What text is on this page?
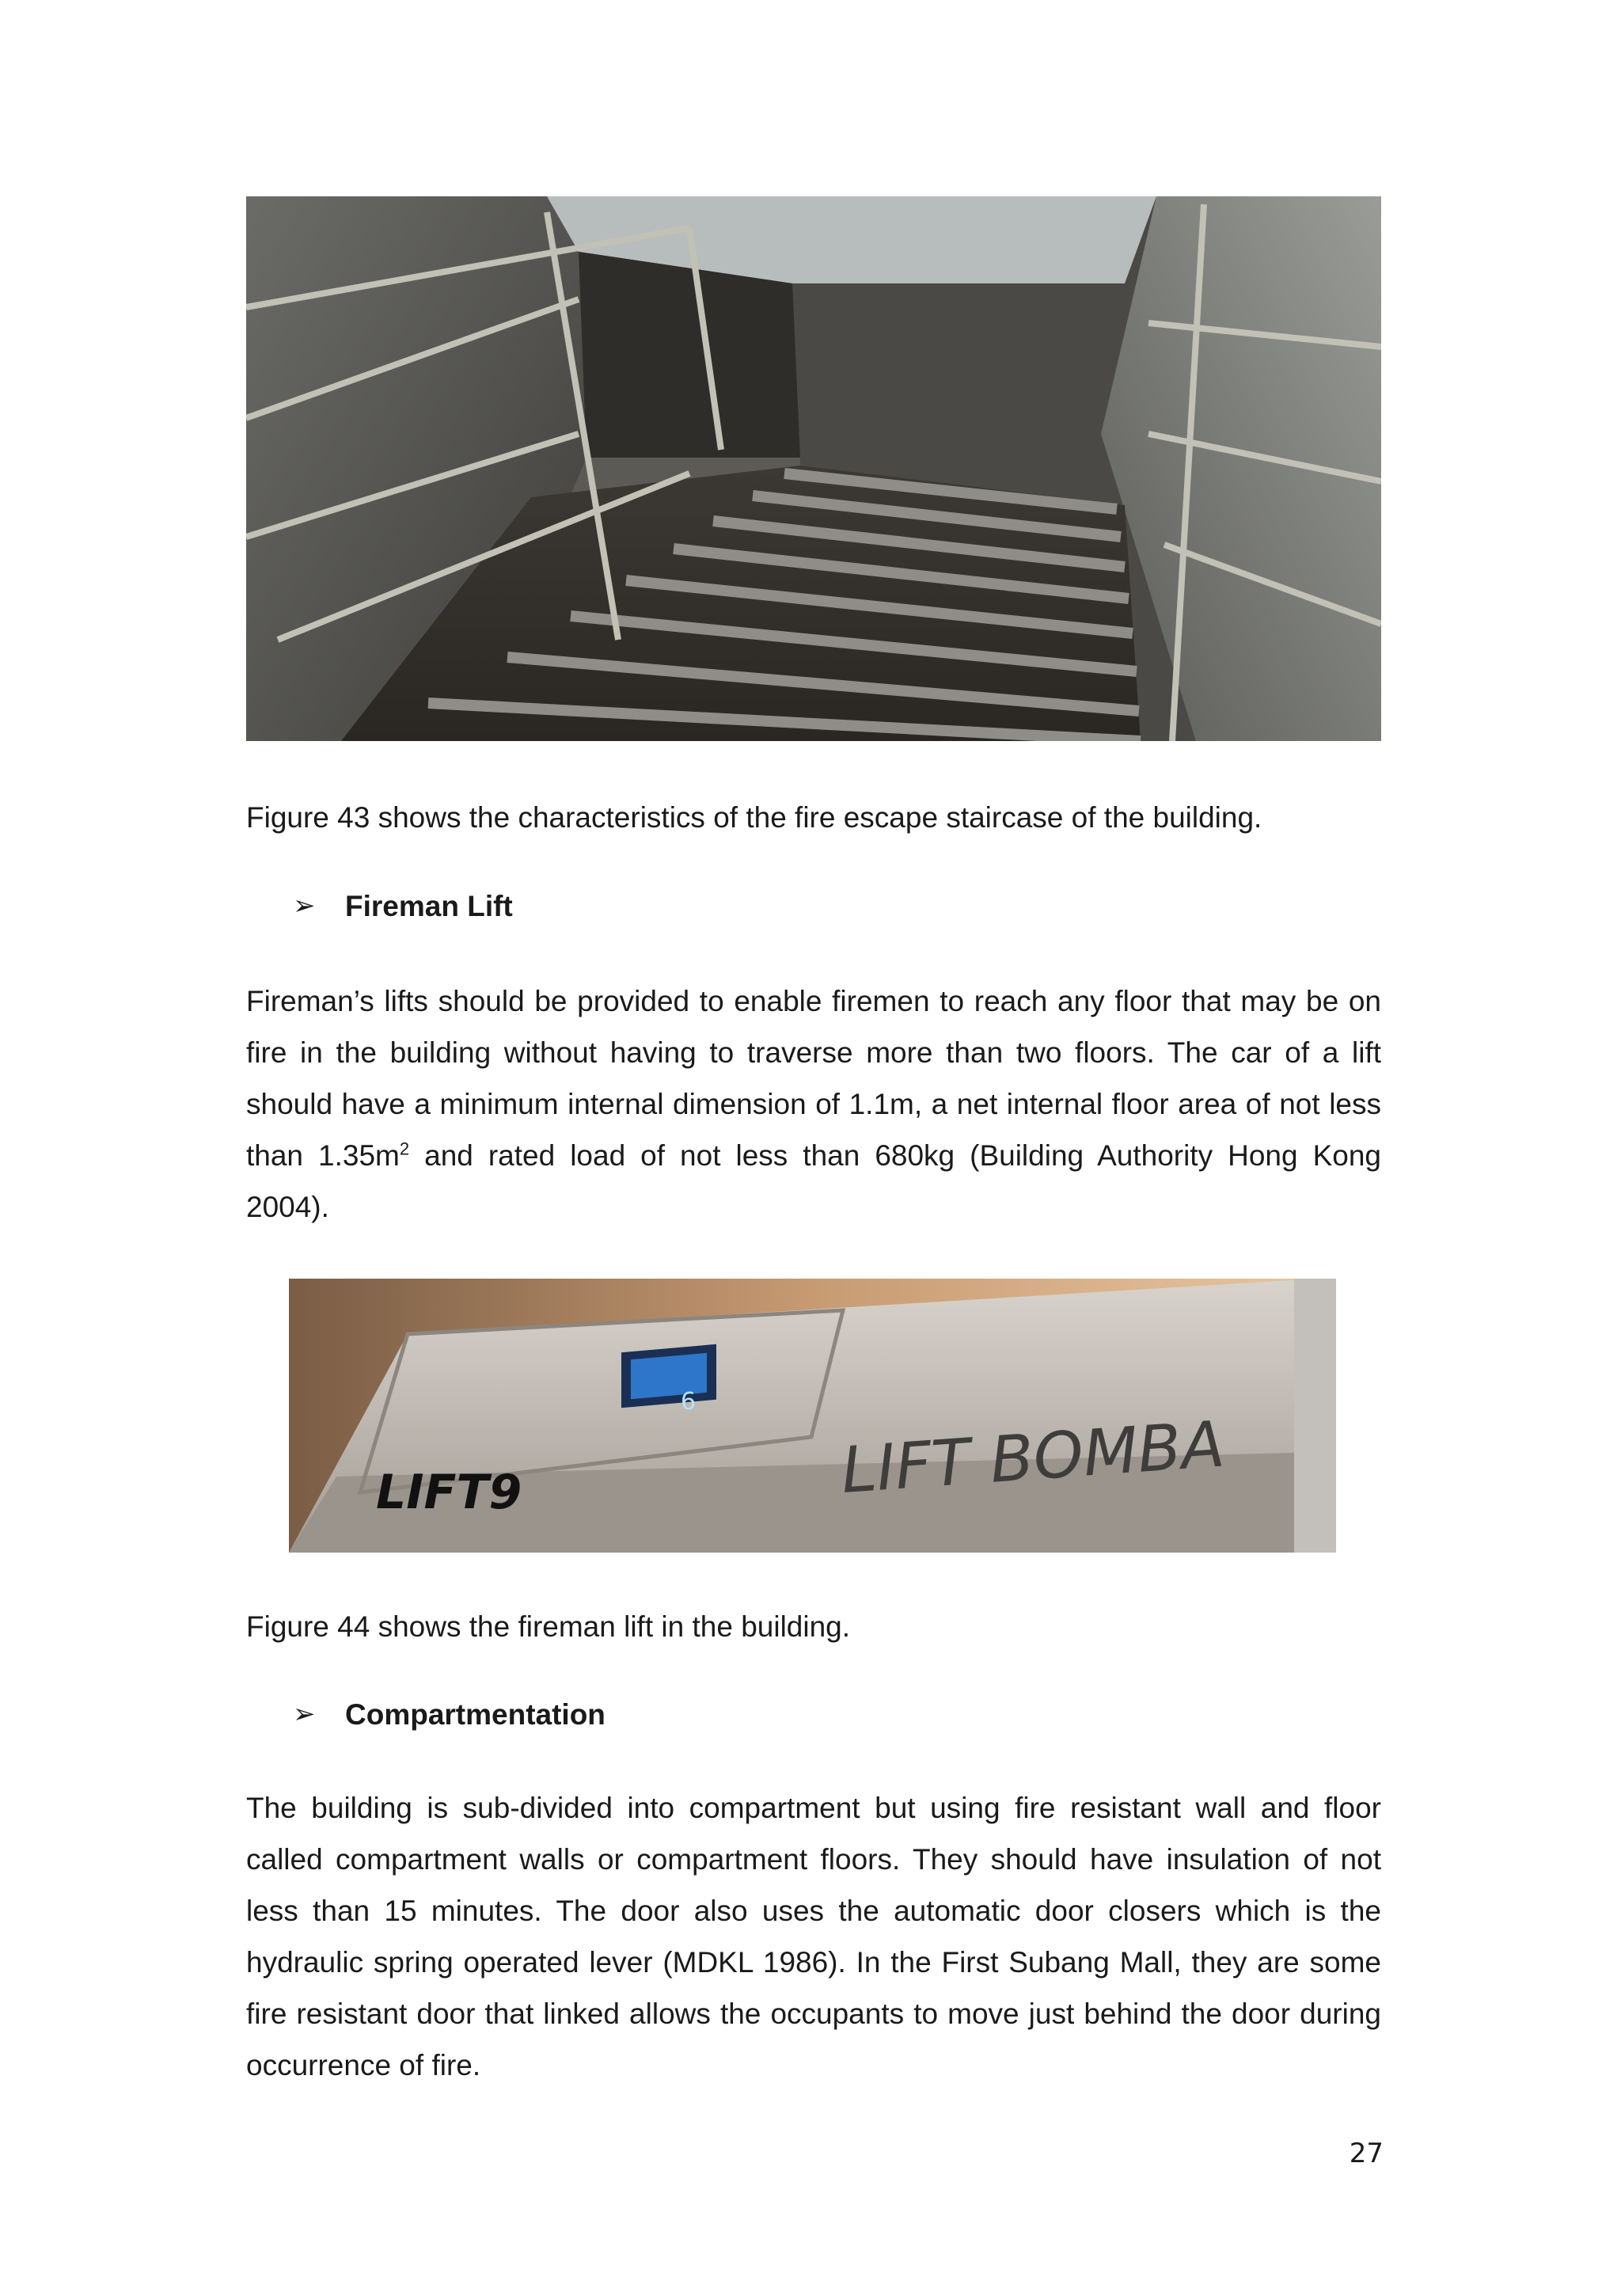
Figure 43 shows the characteristics of the fire escape staircase of the building.

➢	Fireman Lift

Fireman’s lifts should be provided to enable firemen to reach any floor that may be on fire in the building without having to traverse more than two floors. The car of a lift should have a minimum internal dimension of 1.1m, a net internal floor area of not less than $1.35m^2$ and rated load of not less than 680kg (Building Authority Hong Kong 2004).

6
LIFT9	LIFT BOMBA

Figure 44 shows the fireman lift in the building.

➢	Compartmentation

The building is sub-divided into compartment but using fire resistant wall and floor called compartment walls or compartment floors. They should have insulation of not less than 15 minutes. The door also uses the automatic door closers which is the hydraulic spring operated lever (MDKL 1986). In the First Subang Mall, they are some fire resistant door that linked allows the occupants to move just behind the door during occurrence of fire.

27
